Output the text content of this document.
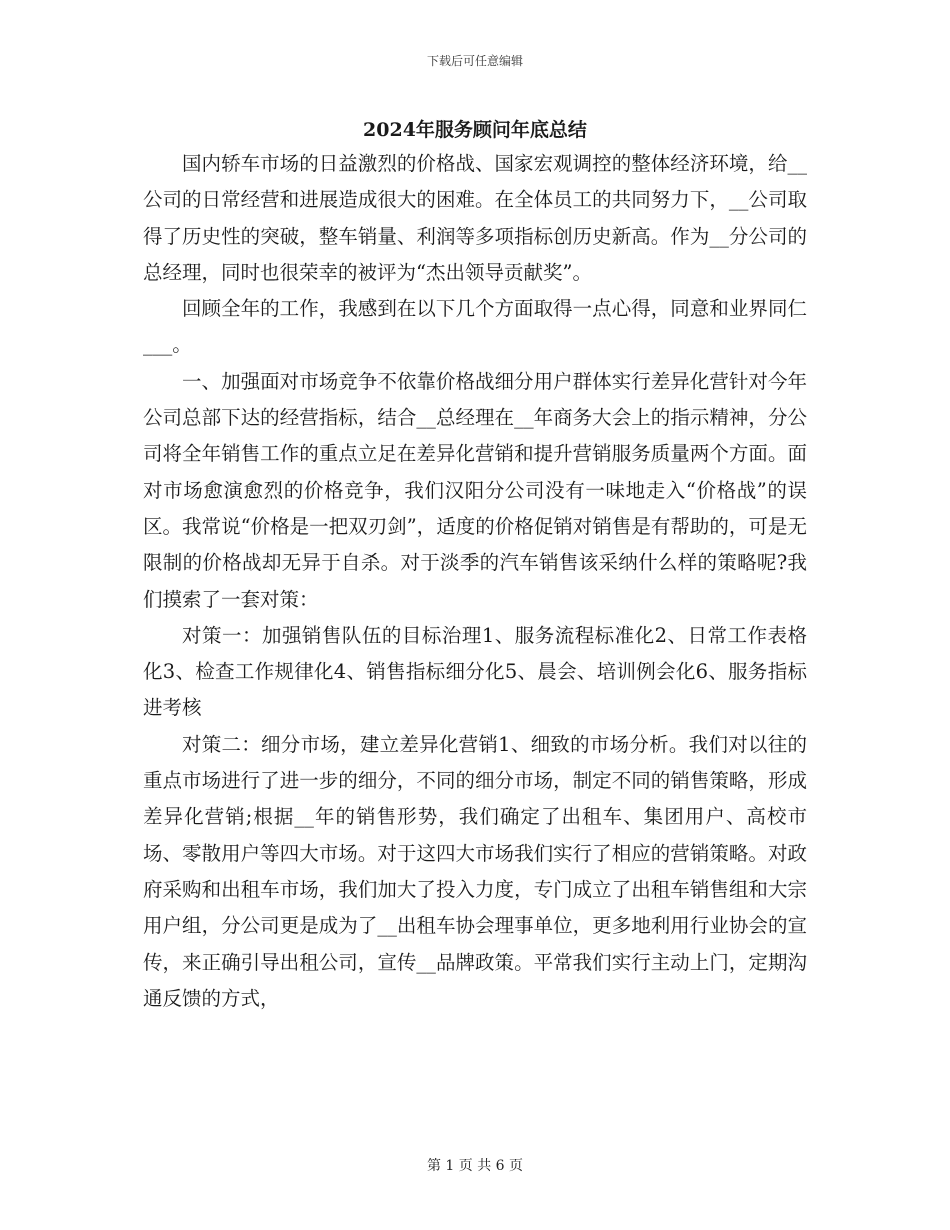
下载后可任意编辑
2024年服务顾问年底总结

国内轿车市场的日益激烈的价格战、国家宏观调控的整体经济环境，给__公司的日常经营和进展造成很大的困难。在全体员工的共同努力下，__公司取得了历史性的突破，整车销量、利润等多项指标创历史新高。作为__分公司的总经理，同时也很荣幸的被评为“杰出领导贡献奖”。

回顾全年的工作，我感到在以下几个方面取得一点心得，同意和业界同仁___。

一、加强面对市场竞争不依靠价格战细分用户群体实行差异化营针对今年公司总部下达的经营指标，结合__总经理在__年商务大会上的指示精神，分公司将全年销售工作的重点立足在差异化营销和提升营销服务质量两个方面。面对市场愈演愈烈的价格竞争，我们汉阳分公司没有一味地走入“价格战”的误区。我常说“价格是一把双刃剑”，适度的价格促销对销售是有帮助的，可是无限制的价格战却无异于自杀。对于淡季的汽车销售该采纳什么样的策略呢?我们摸索了一套对策：

对策一：加强销售队伍的目标治理1、服务流程标准化2、日常工作表格化3、检查工作规律化4、销售指标细分化5、晨会、培训例会化6、服务指标进考核

对策二：细分市场，建立差异化营销1、细致的市场分析。我们对以往的重点市场进行了进一步的细分，不同的细分市场，制定不同的销售策略，形成差异化营销;根据__年的销售形势，我们确定了出租车、集团用户、高校市场、零散用户等四大市场。对于这四大市场我们实行了相应的营销策略。对政府采购和出租车市场，我们加大了投入力度，专门成立了出租车销售组和大宗用户组，分公司更是成为了__出租车协会理事单位，更多地利用行业协会的宣传，来正确引导出租公司，宣传__品牌政策。平常我们实行主动上门，定期沟通反馈的方式，

第 1 页 共 6 页
